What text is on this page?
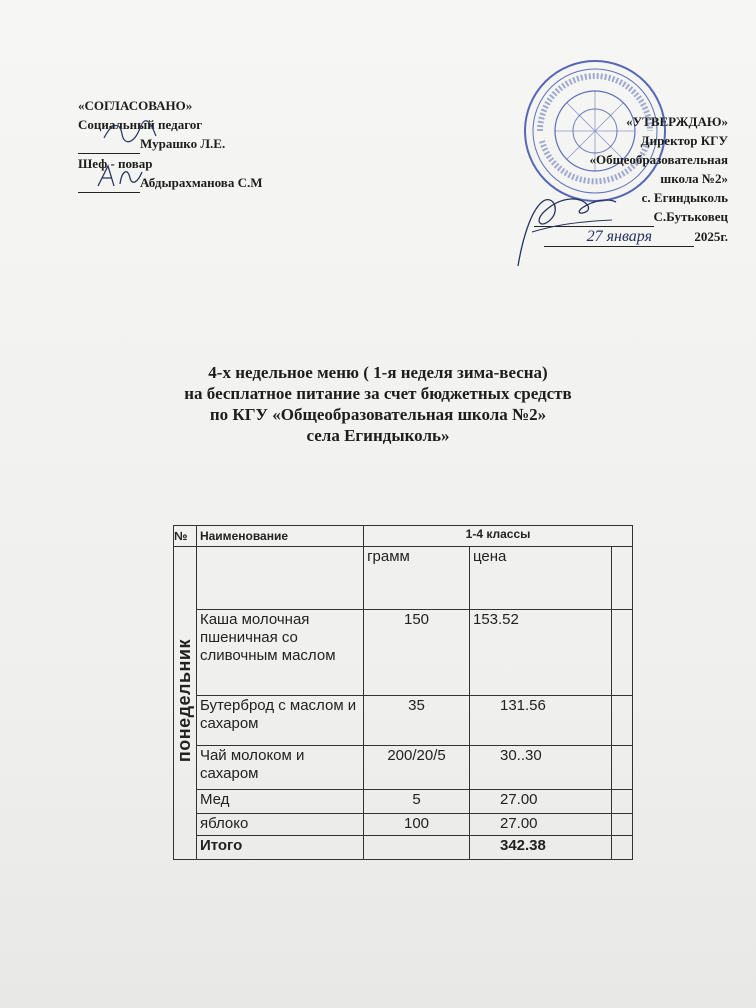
«СОГЛАСОВАНО»
Социальный педагог
Мурашко Л.Е.
Шеф - повар
Абдырахманова С.М
«УТВЕРЖДАЮ»
Директор КГУ
«Общеобразовательная
школа №2»
с. Егиндыколь
С.Бутьковец
27 января	2025г.
4-х недельное меню ( 1-я неделя зима-весна)
на бесплатное питание за счет бюджетных средств
по КГУ «Общеобразовательная школа №2»
села Егиндыколь»
№	Наименование	1-4 классы		
понедельник		грамм	цена	
	Каша молочная пшеничная со сливочным маслом	150	153.52	
	Бутерброд с маслом и сахаром	35	131.56	
	Чай молоком и сахаром	200/20/5	30..30	
	Мед	5	27.00	
	яблоко	100	27.00	
	Итого		342.38	
